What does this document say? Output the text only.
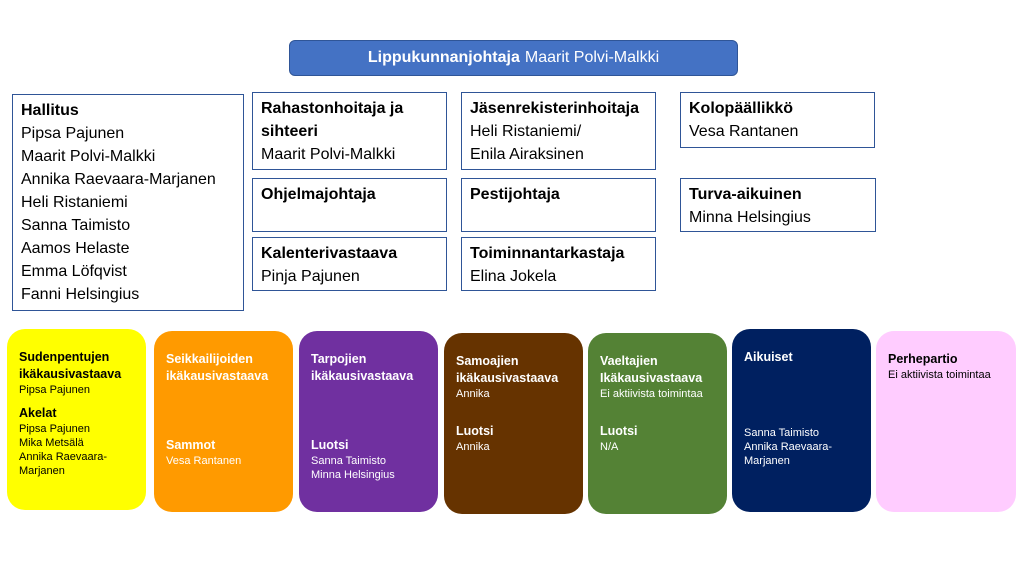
Lippukunnanjohtaja Maarit Polvi-Malkki
Hallitus
Pipsa Pajunen
Maarit Polvi-Malkki
Annika Raevaara-Marjanen
Heli Ristaniemi
Sanna Taimisto
Aamos Helaste
Emma Löfqvist
Fanni Helsingius
Rahastonhoitaja ja
sihteeri
Maarit Polvi-Malkki
Ohjelmajohtaja
Kalenterivastaava
Pinja Pajunen
Jäsenrekisterinhoitaja
Heli Ristaniemi/
Enila Airaksinen
Pestijohtaja
Toiminnantarkastaja
Elina Jokela
Kolopäällikkö
Vesa Rantanen
Turva-aikuinen
Minna Helsingius
Sudenpentujen
ikäkausivastaava
Pipsa Pajunen
Akelat
Pipsa Pajunen
Mika Metsälä
Annika Raevaara-
Marjanen
Seikkailijoiden
ikäkausivastaava
Sammot
Vesa Rantanen
Tarpojien
ikäkausivastaava
Luotsi
Sanna Taimisto
Minna Helsingius
Samoajien
ikäkausivastaava
Annika
Luotsi
Annika
Vaeltajien
Ikäkausivastaava
Ei aktiivista toimintaa
Luotsi
N/A
Aikuiset
Sanna Taimisto
Annika Raevaara-
Marjanen
Perhepartio
Ei aktiivista toimintaa
